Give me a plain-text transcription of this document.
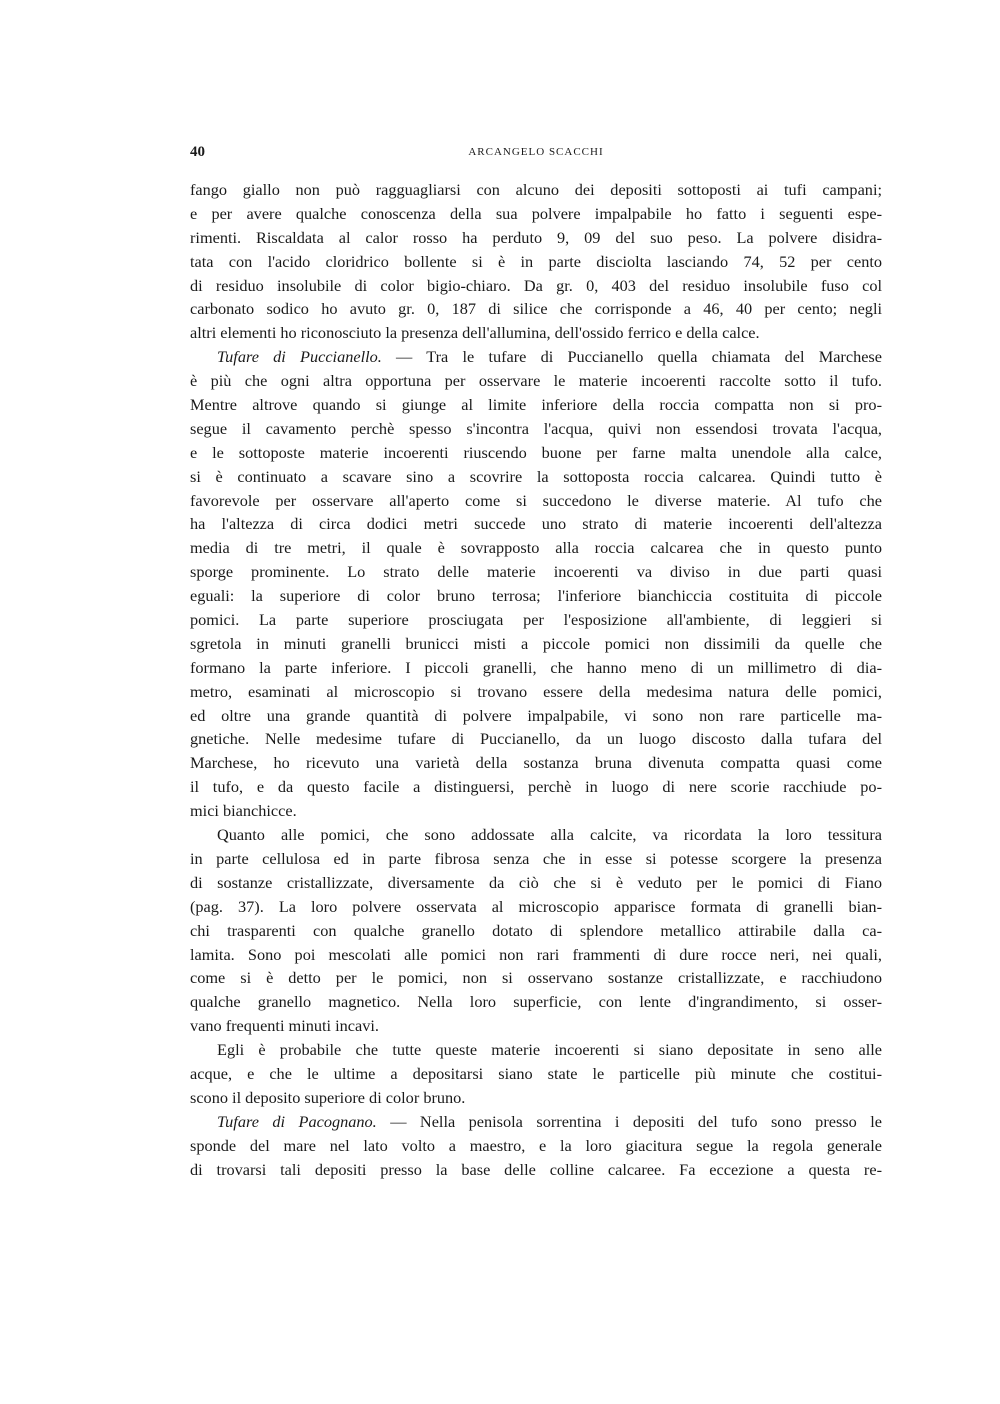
40	ARCANGELO SCACCHI
fango giallo non può ragguagliarsi con alcuno dei depositi sottoposti ai tufi campani;
e per avere qualche conoscenza della sua polvere impalpabile ho fatto i seguenti espe-
rimenti. Riscaldata al calor rosso ha perduto 9, 09 del suo peso. La polvere disidra-
tata con l'acido cloridrico bollente si è in parte disciolta lasciando 74, 52 per cento
di residuo insolubile di color bigio-chiaro. Da gr. 0, 403 del residuo insolubile fuso col
carbonato sodico ho avuto gr. 0, 187 di silice che corrisponde a 46, 40 per cento; negli
altri elementi ho riconosciuto la presenza dell'allumina, dell'ossido ferrico e della calce.
Tufare di Puccianello. — Tra le tufare di Puccianello quella chiamata del Marchese
è più che ogni altra opportuna per osservare le materie incoerenti raccolte sotto il tufo.
Mentre altrove quando si giunge al limite inferiore della roccia compatta non si pro-
segue il cavamento perchè spesso s'incontra l'acqua, quivi non essendosi trovata l'acqua,
e le sottoposte materie incoerenti riuscendo buone per farne malta unendole alla calce,
si è continuato a scavare sino a scovrire la sottoposta roccia calcarea. Quindi tutto è
favorevole per osservare all'aperto come si succedono le diverse materie. Al tufo che
ha l'altezza di circa dodici metri succede uno strato di materie incoerenti dell'altezza
media di tre metri, il quale è sovrapposto alla roccia calcarea che in questo punto
sporge prominente. Lo strato delle materie incoerenti va diviso in due parti quasi
eguali: la superiore di color bruno terrosa; l'inferiore bianchiccia costituita di piccole
pomici. La parte superiore prosciugata per l'esposizione all'ambiente, di leggieri si
sgretola in minuti granelli brunicci misti a piccole pomici non dissimili da quelle che
formano la parte inferiore. I piccoli granelli, che hanno meno di un millimetro di dia-
metro, esaminati al microscopio si trovano essere della medesima natura delle pomici,
ed oltre una grande quantità di polvere impalpabile, vi sono non rare particelle ma-
gnetiche. Nelle medesime tufare di Puccianello, da un luogo discosto dalla tufara del
Marchese, ho ricevuto una varietà della sostanza bruna divenuta compatta quasi come
il tufo, e da questo facile a distinguersi, perchè in luogo di nere scorie racchiude po-
mici bianchicce.
Quanto alle pomici, che sono addossate alla calcite, va ricordata la loro tessitura
in parte cellulosa ed in parte fibrosa senza che in esse si potesse scorgere la presenza
di sostanze cristallizzate, diversamente da ciò che si è veduto per le pomici di Fiano
(pag. 37). La loro polvere osservata al microscopio apparisce formata di granelli bian-
chi trasparenti con qualche granello dotato di splendore metallico attirabile dalla ca-
lamita. Sono poi mescolati alle pomici non rari frammenti di dure rocce neri, nei quali,
come si è detto per le pomici, non si osservano sostanze cristallizzate, e racchiudono
qualche granello magnetico. Nella loro superficie, con lente d'ingrandimento, si osser-
vano frequenti minuti incavi.
Egli è probabile che tutte queste materie incoerenti si siano depositate in seno alle
acque, e che le ultime a depositarsi siano state le particelle più minute che costitui-
scono il deposito superiore di color bruno.
Tufare di Pacognano. — Nella penisola sorrentina i depositi del tufo sono presso le
sponde del mare nel lato volto a maestro, e la loro giacitura segue la regola generale
di trovarsi tali depositi presso la base delle colline calcaree. Fa eccezione a questa re-
